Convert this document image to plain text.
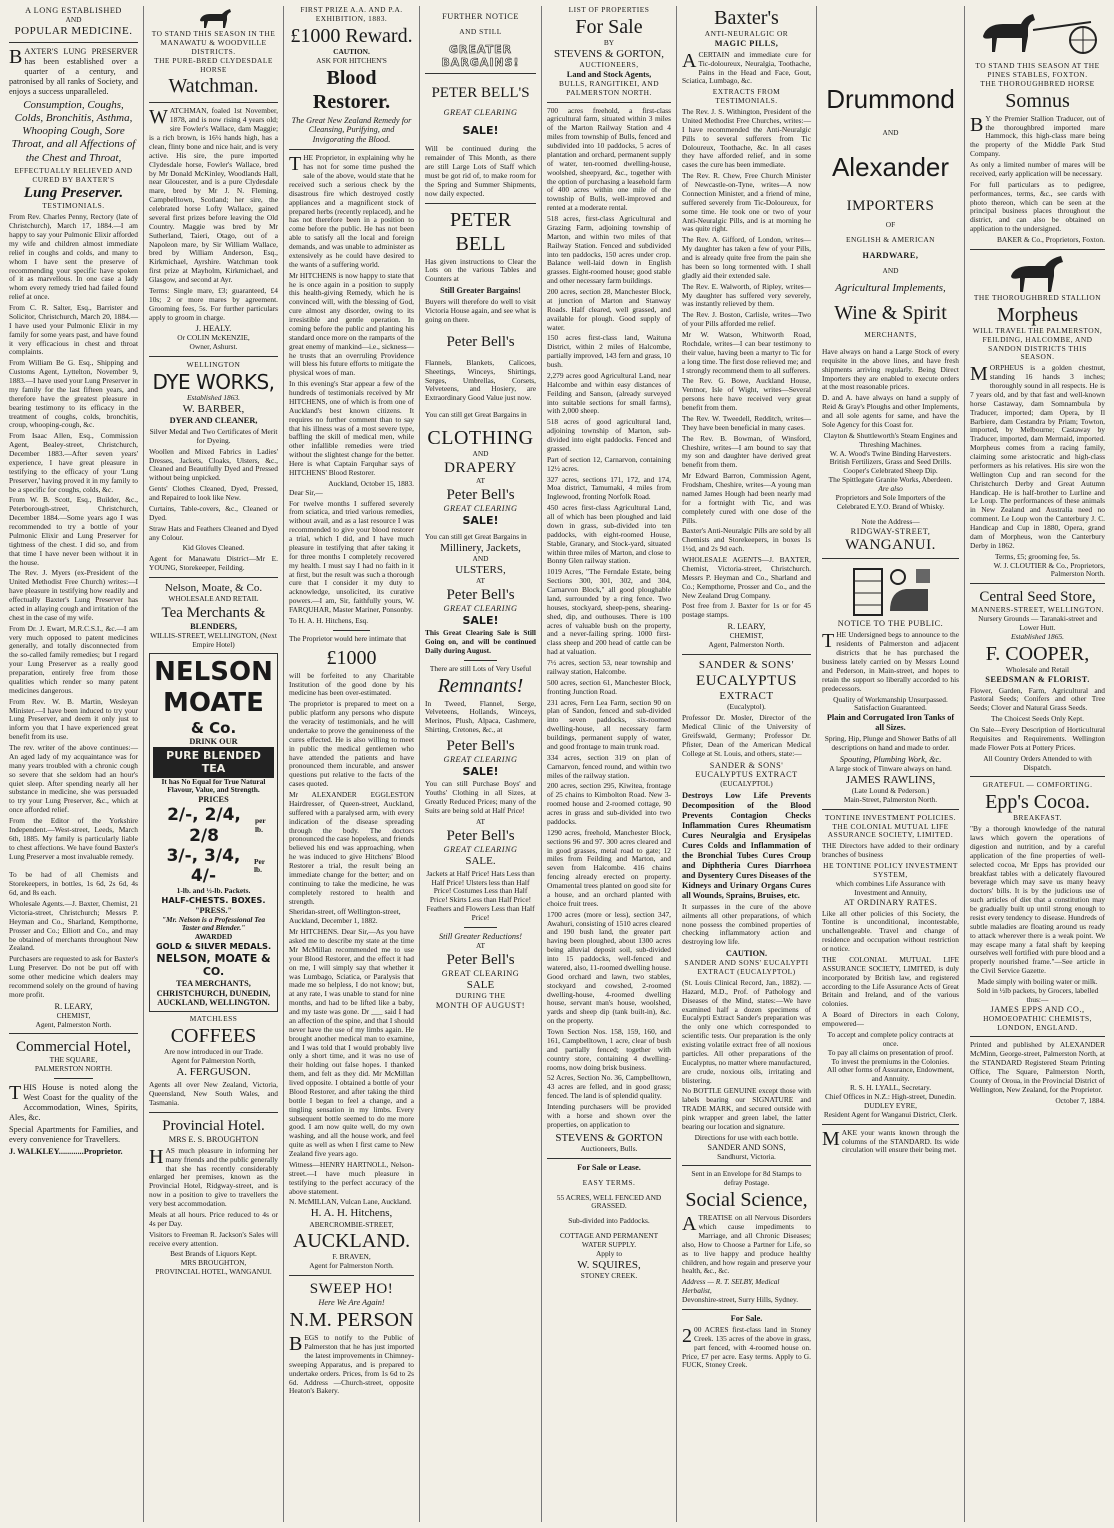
A LONG ESTABLISHED
AND
POPULAR MEDICINE.

BAXTER'S LUNG PRESERVER has been established over a quarter of a century, and patronised by all ranks of Society, and enjoys a success unparalleled.

Consumption, Coughs, Colds, Bronchitis, Asthma, Whooping Cough, Sore Throat, and all Affections of the Chest and Throat,

EFFECTUALLY RELIEVED AND CURED BY BAXTER'S
Lung Preserver.
TESTIMONIALS.

From Rev. Charles Penny, Rectory (late of Christchurch), March 17, 1884.—I am happy to say your Pulmonic Elixir afforded my wife and children almost immediate relief in coughs and colds, and many to whom I have sent the preserve of recommending your specific have spoken of it as marvellous. In one case a lady whom every remedy tried had failed found relief at once.

From C. R. Salter, Esq., Barrister and Solicitor, Christchurch, March 20, 1884.—I have used your Pulmonic Elixir in my family for some years past, and have found it very efficacious in chest and throat complaints.

From William Be G. Esq., Shipping and Customs Agent, Lyttelton, November 9, 1883.—I have used your Lung Preserver in my family for the last fifteen years, and therefore have the greatest pleasure in bearing testimony to its efficacy in the treatment of coughs, colds, bronchitis, croup, whooping-cough, &c.

From Isaac Allen, Esq., Commission Agent, Bealey-street, Christchurch, December 1883.—After seven years' experience, I have great pleasure in testifying to the efficacy of your 'Lung Preserver,' having proved it in my family to be a specific for coughs, colds, &c.

From W. B. Scott, Esq., Builder, &c., Peterborough-street, Christchurch, December 1884.—Some years ago I was recommended to try a bottle of your Pulmonic Elixir and Lung Preserver for tightness of the chest. I did so, and from that time I have never been without it in the house.

The Rev. J. Myers (ex-President of the United Methodist Free Church) writes:—I have pleasure in testifying how readily and effectually Baxter's Lung Preserver has acted in allaying cough and irritation of the chest in the case of my wife.

From Dr. J. Ewart, M.R.C.S.I., &c.—I am very much opposed to patent medicines generally, and totally disconnected from the so-called family remedies; but I regard your Lung Preserver as a really good preparation, entirely free from those qualities which render so many patent medicines dangerous.

From Rev. W. B. Martin, Wesleyan Minister.—I have been induced to try your Lung Preserver, and deem it only just to inform you that I have experienced great benefit from its use.

The rev. writer of the above continues:—An aged lady of my acquaintance was for many years troubled with a chronic cough so severe that she seldom had an hour's quiet sleep. After spending nearly all her substance in medicine, she was persuaded to try your Lung Preserver, &c., which at once afforded relief.

From the Editor of the Yorkshire Independent.—West-street, Leeds, March 6th, 1885. My family is particularly liable to chest affections. We have found Baxter's Lung Preserver a most invaluable remedy.

To be had of all Chemists and Storekeepers, in bottles, 1s 6d, 2s 6d, 4s 6d, and 8s each.

Wholesale Agents.—J. Baxter, Chemist, 21 Victoria-street, Christchurch; Messrs P. Heyman and Co., Sharland, Kempthorne, Prosser and Co.; Elliott and Co., and may be obtained of merchants throughout New Zealand.

Purchasers are requested to ask for Baxter's Lung Preserver. Do not be put off with some other medicine which dealers may recommend solely on the ground of having more profit.

R. LEARY,
CHEMIST,
Agent, Palmerston North.
Commercial Hotel,
THE SQUARE,
PALMERSTON NORTH.

THIS House is noted along the West Coast for the quality of the Accommodation, Wines, Spirits, Ales, &c.

Special Apartments for Families, and every convenience for Travellers.

J. WALKLEY............Proprietor.
TO STAND THIS SEASON IN THE MANAWATU & WOODVILLE DISTRICTS.
THE PURE-BRED CLYDESDALE HORSE
Watchman.

WATCHMAN, foaled 1st November, 1878, and is now rising 4 years old; sire Fowler's Wallace, dam Maggie; is a rich brown, is 16¼ hands high, has a clean, flinty bone and nice hair, and is very active. His sire, the pure imported Clydesdale horse, Fowler's Wallace, bred by Mr Donald McKinley, Woodlands Hall, near Gloucester, and is a pure Clydesdale mare, bred by Mr J. N. Fleming, Campbelltown, Scotland; her sire, the celebrated horse Lofty Wallace, gained several first prizes before leaving the Old Country. Maggie was bred by Mr Sutherland, Taieri, Otago, out of a Napoleon mare, by Sir William Wallace, bred by William Anderson, Esq., Kirkmichael, Ayrshire. Watchman took first prize at Mayholm, Kirkmichael, and Glasgow, and second at Ayr.

Terms: Single mare, £3; guaranteed, £4 10s; 2 or more mares by agreement. Grooming fees, 5s. For further particulars apply to groom in charge.

J. HEALY.
Or COLIN McKENZIE,
Owner, Ashurst.
WELLINGTON
DYE WORKS,
Established 1863.
W. BARBER,
DYER AND CLEANER,

Silver Medal and Two Certificates of Merit for Dyeing.

Woollen and Mixed Fabrics in Ladies' Dresses, Jackets, Cloaks, Ulsters, &c., Cleaned and Beautifully Dyed and Pressed without being unpicked.

Gents' Clothes Cleaned, Dyed, Pressed, and Repaired to look like New.

Curtains, Table-covers, &c., Cleaned or Dyed.

Straw Hats and Feathers Cleaned and Dyed any Colour.

Kid Gloves Cleaned.

Agent for Manawatu District—Mr E. YOUNG, Storekeeper, Feilding.

Nelson, Moate, & Co.
WHOLESALE AND RETAIL
Tea Merchants &
BLENDERS,
WILLIS-STREET, WELLINGTON, (Next Empire Hotel)
NELSON
MOATE
& Co.
DRINK OUR
PURE BLENDED TEA
It has No Equal for True Natural Flavour, Value, and Strength.
PRICES
2/-, 2/4, 2/8
per lb.
3/-, 3/4, 4/-
Per lb.
1-lb. and ½-lb. Packets.
HALF-CHESTS. BOXES.
"PRESS."
"Mr. Nelson is a Professional Tea Taster and Blender."
AWARDED
GOLD & SILVER MEDALS.
NELSON, MOATE & CO.
TEA MERCHANTS,
CHRISTCHURCH, DUNEDIN, AUCKLAND, WELLINGTON.
MATCHLESS
COFFEES
Are now introduced in our Trade.
Agent for Palmerston North,
A. FERGUSON.

Agents all over New Zealand, Victoria, Queensland, New South Wales, and Tasmania.

Provincial Hotel.
MRS E. S. BROUGHTON

HAS much pleasure in informing her many friends and the public generally that she has recently considerably enlarged her premises, known as the Provincial Hotel, Ridgway-street, and is now in a position to give to travellers the very best accommodation.

Meals at all hours. Price reduced to 4s or 4s per Day.

Visitors to Freeman R. Jackson's Sales will receive every attention.

Best Brands of Liquors Kept.
MRS BROUGHTON,
PROVINCIAL HOTEL, WANGANUI.
FIRST PRIZE A.A. AND P.A. EXHIBITION, 1883.
£1000 Reward.
CAUTION.
ASK FOR HITCHEN'S
Blood Restorer.

The Great New Zealand Remedy for Cleansing, Purifying, and Invigorating the Blood.

THE Proprietor, in explaining why he has not for some time pushed the sale of the above, would state that he received such a serious check by the disastrous fire which destroyed costly appliances and a magnificent stock of prepared herbs (recently replaced), and he has not therefore been in a position to come before the public. He has not been able to satisfy all the local and foreign demands, and was unable to administer as extensively as he could have desired to the wants of a suffering world.

Mr HITCHENS is now happy to state that he is once again in a position to supply this health-giving Remedy, which he is convinced will, with the blessing of God, cure almost any disorder, owing to its irresistible and gentle operation. In coming before the public and planting his standard once more on the ramparts of the great enemy of mankind—i.e., sickness—he trusts that an overruling Providence will bless his future efforts to mitigate the physical woes of man.

In this evening's Star appear a few of the hundreds of testimonials received by Mr HITCHENS, one of which is from one of Auckland's best known citizens. It requires no further comment than to say that his illness was of a most severe type, baffling the skill of medical men, while other infallible remedies were tried without the slightest change for the better. Here is what Captain Farquhar says of HITCHENS' Blood Restorer.

Auckland, October 15, 1883.
Dear Sir,—

For twelve months I suffered severely from sciatica, and tried various remedies, without avail, and as a last resource I was recommended to give your blood restorer a trial, which I did, and I have much pleasure in testifying that after taking it for three months I completely recovered my health. I must say I had no faith in it at first, but the result was such a thorough cure that I consider it my duty to acknowledge, unsolicited, its curative powers.—I am, Sir, faithfully yours, W. FARQUHAR, Master Mariner, Ponsonby.

To H. A. H. Hitchens, Esq.

The Proprietor would here intimate that

£1000

will be forfeited to any Charitable Institution of the good done by his medicine has been over-estimated.

The proprietor is prepared to meet on a public platform any persons who dispute the veracity of testimonials, and he will undertake to prove the genuineness of the cures effected. He is also willing to meet in public the medical gentlemen who have attended the patients and have pronounced them incurable, and answer questions put relative to the facts of the cases quoted.

Mr ALEXANDER EGGLESTON Hairdresser, of Queen-street, Auckland, suffered with a paralysed arm, with every indication of the disease spreading through the body. The doctors pronounced the case hopeless, and friends believed his end was approaching, when he was induced to give Hitchens' Blood Restorer a trial, the result being an immediate change for the better; and on continuing to take the medicine, he was completely restored to health and strength.

Sheridan-street, off Wellington-street, Auckland, December 1, 1882.

Mr HITCHENS. Dear Sir,—As you have asked me to describe my state at the time Mr McMillan recommended me to use your Blood Restorer, and the effect it had on me, I will simply say that whether it was Lumbago, Sciatica, or Paralysis that made me so helpless, I do not know; but, at any rate, I was unable to stand for nine months, and had to be lifted like a baby, and my taste was gone. Dr ___ said I had an affection of the spine, and that I should never have the use of my limbs again. He brought another medical man to examine, and I was told that I would probably live only a short time, and it was no use of their holding out false hopes. I thanked them, and felt as they did. Mr McMillan lived opposite. I obtained a bottle of your Blood Restorer, and after taking the third bottle I began to feel a change, and a tingling sensation in my limbs. Every subsequent bottle seemed to do me more good. I am now quite well, do my own washing, and all the house work, and feel quite as well as when I first came to New Zealand five years ago.

Witness—HENRY HARTNOLL, Nelson-street.—I have much pleasure in testifying to the perfect accuracy of the above statement.

N. McMILLAN, Vulcan Lane, Auckland.
H. A. H. Hitchens,
ABERCROMBIE-STREET,
AUCKLAND.
F. BRAVEN,
Agent for Palmerston North.
SWEEP HO!
Here We Are Again!
N.M. PERSON

BEGS to notify to the Public of Palmerston that he has just imported the latest improvements in Chimney-sweeping Apparatus, and is prepared to undertake orders. Prices, from 1s 6d to 2s 6d. Address —Church-street, opposite Heaton's Bakery.

FURTHER NOTICE
AND STILL
GREATER BARGAINS!
PETER BELL'S
GREAT CLEARING
SALE!

Will be continued during the remainder of This Month, as there are still Large Lots of Staff which must be got rid of, to make room for the Spring and Summer Shipments, now daily expected.

PETER BELL

Has given instructions to Clear the Lots on the various Tables and Counters at

Still Greater Bargains!

Buyers will therefore do well to visit Victoria House again, and see what is going on there.

Peter Bell's

Flannels, Blankets, Calicoes, Sheetings, Winceys, Shirtings, Serges, Umbrellas, Corsets, Velveteens, and Hosiery, are Extraordinary Good Value just now.

You can still get Great Bargains in
CLOTHING
AND
DRAPERY
AT
Peter Bell's
GREAT CLEARING
SALE!
You can still get Great Bargains in
Millinery, Jackets,
AND
ULSTERS,
AT
Peter Bell's
GREAT CLEARING
SALE!

This Great Clearing Sale is Still Going on, and will be continued Daily during August.

There are still Lots of Very Useful
Remnants!

In Tweed, Flannel, Serge, Velveteens, Hollands, Winceys, Merinos, Plush, Alpaca, Cashmere, Shirting, Cretones, &c., at

Peter Bell's
GREAT CLEARING
SALE!

You can still Purchase Boys' and Youths' Clothing in all Sizes, at Greatly Reduced Prices; many of the Suits are being sold at Half Price!

AT
Peter Bell's
GREAT CLEARING
SALE.

Jackets at Half Price! Hats Less than Half Price! Ulsters less than Half Price! Costumes Less than Half Price! Skirts Less than Half Price! Feathers and Flowers Less than Half Price!

Still Greater Reductions!
AT
Peter Bell's
GREAT CLEARING
SALE
DURING THE
MONTH OF AUGUST!
LIST OF PROPERTIES
For Sale
BY
STEVENS & GORTON,
AUCTIONEERS,
Land and Stock Agents,
BULLS, RANGITIKEI, AND PALMERSTON NORTH.

700 acres freehold, a first-class agricultural farm, situated within 3 miles of the Marton Railway Station and 4 miles from township of Bulls, fenced and subdivided into 10 paddocks, 5 acres of plantation and orchard, permanent supply of water, ten-roomed dwelling-house, woolshed, sheepyard, &c., together with the option of purchasing a leasehold farm of 400 acres within one mile of the township of Bulls, well-improved and rented at a moderate rental.

518 acres, first-class Agricultural and Grazing Farm, adjoining township of Marton, and within two miles of that Railway Station. Fenced and subdivided into ten paddocks, 150 acres under crop. Balance well-laid down in English grasses. Eight-roomed house; good stable and other necessary farm buildings.

200 acres, section 28, Manchester Block, at junction of Marton and Stanway Roads. Half cleared, well grassed, and available for plough. Good supply of water.

150 acres first-class land, Waituna District, within 2 miles of Halcombe, partially improved, 143 fern and grass, 10 bush.

2,279 acres good Agricultural Land, near Halcombe and within easy distances of Feilding and Sanson, (already surveyed into suitable sections for small farms), with 2,000 sheep.

518 acres of good agricultural land, adjoining township of Marton, sub-divided into eight paddocks. Fenced and grassed.

Part of section 12, Carnarvon, containing 12½ acres.

327 acres, sections 171, 172, and 174, Moa district, Tamumaki, 4 miles from Inglewood, fronting Norfolk Road.

450 acres first-class Agricultural Land, all of which has been ploughed and laid down in grass, sub-divided into ten paddocks, with eight-roomed House, Stable, Granary, and Stock-yard, situated within three miles of Marton, and close to Bonny Glen railway station.

1019 Acres, "The Ferndale Estate, being Sections 300, 301, 302, and 304, Carnarvon Block," all good ploughable land, surrounded by a ring fence. Two houses, stockyard, sheep-pens, shearing-shed, dip, and outhouses. There is 100 acres of valuable bush on the property, and a never-failing spring. 1000 first-class sheep and 200 head of cattle can be had at valuation.

7½ acres, section 53, near township and railway station, Halcombe.

500 acres, section 61, Manchester Block, fronting Junction Road.

231 acres, Fern Lea Farm, section 90 on plan of Sandon, fenced and sub-divided into seven paddocks, six-roomed dwelling-house, all necessary farm buildings, permanent supply of water, and good frontage to main trunk road.

334 acres, section 319 on plan of Carnarvon, fenced round, and within two miles of the railway station.

200 acres, section 295, Kiwitea, frontage of 25 chains to Kimbolton Road. New 3-roomed house and 2-roomed cottage, 90 acres in grass and sub-divided into two paddocks.

1290 acres, freehold, Manchester Block, sections 96 and 97. 300 acres cleared and in good grasses, metal road to gate; 12 miles from Feilding and Marton, and seven from Halcombe. 416 chains fencing already erected on property. Ornamental trees planted on good site for a house, and an orchard planted with choice fruit trees.

1700 acres (more or less), section 347, Awahuri, consisting of 1510 acres cleared and 190 bush land, the greater part having been ploughed, about 1300 acres being alluvial deposit soil, sub-divided into 15 paddocks, well-fenced and watered, also, 11-roomed dwelling house. Good orchard and lawn, two stables, stockyard and cowshed, 2-roomed dwelling-house, 4-roomed dwelling house, servant man's house, woolshed, yards and sheep dip (tank built-in), &c. on the property.

Town Section Nos. 158, 159, 160, and 161, Campbelltown, 1 acre, clear of bush and partially fenced; together with country store, containing 4 dwelling-rooms, now doing brisk business.

52 Acres, Section No. 36, Campbelltown, 43 acres are felled, and in good grass; fenced. The land is of splendid quality.

Intending purchasers will be provided with a horse and shown over the properties, on application to

STEVENS & GORTON
Auctioneers, Bulls.
For Sale or Lease.
EASY TERMS.
55 ACRES, WELL FENCED AND GRASSED.
Sub-divided into Paddocks.
COTTAGE AND PERMANENT WATER SUPPLY.
Apply to
W. SQUIRES,
STONEY CREEK.
Baxter's
ANTI-NEURALGIC OR
MAGIC PILLS,

ACERTAIN and immediate cure for Tic-doloureux, Neuralgia, Toothache, Pains in the Head and Face, Gout, Sciatica, Lumbago, &c.

EXTRACTS FROM TESTIMONIALS.

The Rev. J. S. Withington, President of the United Methodist Free Churches, writes:—I have recommended the Anti-Neuralgic Pills to several sufferers from Tic Doloureux, Toothache, &c. In all cases they have afforded relief, and in some cases the cure has been immediate.

The Rev. R. Chew, Free Church Minister of Newcastle-on-Tyne, writes—A now Connection Minister, and a friend of mine, suffered severely from Tic-Doloureux, for some time. He took one or two of your Anti-Neuralgic Pills, and is at morning he was quite right.

The Rev. A. Gifford, of London, writes—My daughter has taken a few of your Pills, and is already quite free from the pain she has been so long tormented with. I shall gladly aid their extended sale.

The Rev. E. Walworth, of Ripley, writes—My daughter has suffered very severely, was instantly relieved by them.

The Rev. J. Boston, Carlisle, writes—Two of your Pills afforded me relief.

Mr W. Watson, Whitworth Road, Rochdale, writes—I can bear testimony to their value, having been a martyr to Tic for a long time. The first dose relieved me; and I strongly recommend them to all sufferers.

The Rev. G. Bowe, Auckland House, Ventnor, Isle of Wight, writes—Several persons here have received very great benefit from them.

The Rev. W. Tweedell, Redditch, writes—They have been beneficial in many cases.

The Rev. B. Bowman, of Winsford, Cheshire, writes—I am bound to say that my son and daughter have derived great benefit from them.

Mr Edward Barron, Commission Agent, Frodsham, Cheshire, writes—A young man named James Hough had been nearly mad for a fortnight with Tic, and was completely cured with one dose of the Pills.

Baxter's Anti-Neuralgic Pills are sold by all Chemists and Storekeepers, in boxes 1s 1½d, and 2s 9d each.

WHOLESALE AGENTS—J. BAXTER, Chemist, Victoria-street, Christchurch. Messrs P. Heyman and Co., Sharland and Co.; Kempthorne, Prosser and Co., and the New Zealand Drug Company.

Post free from J. Baxter for 1s or for 45 postage stamps.

R. LEARY,
CHEMIST,
Agent, Palmerston North.
SANDER & SONS'
EUCALYPTUS
EXTRACT
(Eucalyptol).

Professor Dr. Mosler, Director of the Medical Clinic of the University of Greifswald, Germany; Professor Dr. Pfister, Dean of the American Medical College at St. Louis, and others, state:—

SANDER & SONS'
EUCALYPTUS EXTRACT
(EUCALYPTOL)

Destroys Low Life Prevents Decomposition of the Blood Prevents Contagion Checks Inflammation Cures Rheumatism Cures Neuralgia and Erysipelas Cures Colds and Inflammation of the Bronchial Tubes Cures Croup and Diphtheria Cures Diarrhoea and Dysentery Cures Diseases of the Kidneys and Urinary Organs Cures all Wounds, Sprains, Bruises, etc.

It surpasses in the cure of the above ailments all other preparations, of which none possess the combined properties of checking inflammatory action and destroying low life.

CAUTION.
SANDER AND SONS' EUCALYPTI EXTRACT (EUCALYPTOL)

(St. Louis Clinical Record, Jan., 1882). —Hazard, M.D., Prof. of Pathology and Diseases of the Mind, states:—We have examined half a dozen specimens of Eucalypti Extract Sander's preparation was the only one which corresponded to scientific tests. Our preparation is the only existing volatile extract free of all noxious particles. All other preparations of the Eucalyptus, no matter where manufactured, are crude, noxious oils, irritating and blistering.

No BOTTLE GENUINE except those with labels bearing our SIGNATURE and TRADE MARK, and secured outside with pink wrapper and green label, the latter bearing our location and signature.

Directions for use with each bottle.
SANDER AND SONS,
Sandhurst, Victoria.
Sent in an Envelope for 8d Stamps to defray Postage.
Social Science,

ATREATISE on all Nervous Disorders which cause impediments to Marriage, and all Chronic Diseases; also, How to Choose a Partner for Life, so as to live happy and produce healthy children, and how regain and preserve your health, &c., &c.

Address — R. T. SELBY, Medical Herbalist,
Devonshire-street, Surry Hills, Sydney.
For Sale.

200 ACRES first-class land in Stoney Creek. 135 acres of the above in grass, part fenced, with 4-roomed house on. Price, £7 per acre. Easy terms. Apply to G. FUCK, Stoney Creek.

Drummond
AND
Alexander
IMPORTERS
OF
ENGLISH & AMERICAN
HARDWARE,
AND
Agricultural Implements,
Wine & Spirit
MERCHANTS,

Have always on hand a Large Stock of every requisite in the above lines, and have fresh shipments arriving regularly. Being Direct Importers they are enabled to execute orders at the most reasonable prices.

D. and A. have always on hand a supply of Reid & Gray's Ploughs and other Implements, and all sole agents for same, and have the Sole Agency for this Coast for.

Clayton & Shuttleworth's Steam Engines and Threshing Machines.
W. A. Wood's Twine Binding Harvesters.
British Fertilizers, Grass and Seed Drills.
Cooper's Celebrated Sheep Dip.
The Spittlegate Granite Works, Aberdeen.
Are also
Proprietors and Sole Importers of the Celebrated E.Y.O. Brand of Whisky.
Note the Address—
RIDGWAY-STREET,
WANGANUI.
NOTICE TO THE PUBLIC.

THE Undersigned begs to announce to the residents of Palmerston and adjacent districts that he has purchased the business lately carried on by Messrs Lound and Pederson, in Main-street, and hopes to retain the support so liberally accorded to his predecessors.

Quality of Workmanship Unsurpassed.
Satisfaction Guaranteed.
Plain and Corrugated Iron Tanks of all Sizes.

Spring, Hip, Plunge and Shower Baths of all descriptions on hand and made to order.

Spouting, Plumbing Work, &c.
A large stock of Tinware always on hand.
JAMES RAWLINS,
(Late Lound & Pederson.)
Main-Street, Palmerston North.
TONTINE INVESTMENT POLICIES.
THE COLONIAL MUTUAL LIFE ASSURANCE SOCIETY, LIMITED.

THE Directors have added to their ordinary branches of business

HE TONTINE POLICY INVESTMENT SYSTEM,
which combines Life Assurance with Investment and Annuity,
AT ORDINARY RATES.

Like all other policies of this Society, the Tontine is unconditional, incontestable, unchallengeable. Travel and change of residence and occupation without restriction or notice.

THE COLONIAL MUTUAL LIFE ASSURANCE SOCIETY, LIMITED, is duly incorporated by British law, and registered according to the Life Assurance Acts of Great Britain and Ireland, and of the various colonies.

A Board of Directors in each Colony, empowered—

To accept and complete policy contracts at once.
To pay all claims on presentation of proof.
To invest the premiums in the Colonies.
All other forms of Assurance, Endowment, and Annuity.
R. S. H. LYALL, Secretary.
Chief Offices in N.Z.: High-street, Dunedin.
DUDLEY EYRE,
Resident Agent for Wanganui District, Clerk.

MAKE your wants known through the columns of the STANDARD. Its wide circulation will ensure their being met.

TO STAND THIS SEASON AT THE PINES STABLES, FOXTON.
THE THOROUGHBRED HORSE
Somnus

BY the Premier Stallion Traducer, out of the thoroughbred imported mare Hammock, this high-class mare being the property of the Middle Park Stud Company.

As only a limited number of mares will be received, early application will be necessary.

For full particulars as to pedigree, performances, terms, &c., see cards with photo thereon, which can be seen at the principal business places throughout the district, and can also be obtained on application to the undersigned.

BAKER & Co., Proprietors, Foxton.
THE THOROUGHBRED STALLION
Morpheus
WILL TRAVEL THE PALMERSTON, FEILDING, HALCOMBE, AND SANDON DISTRICTS THIS SEASON.

MORPHEUS is a golden chestnut, standing 16 hands 3 inches; thoroughly sound in all respects. He is 7 years old, and by that fast and well-known horse Castaway, dam Somnambula by Traducer, imported; dam Opera, by Il Barbiere, dam Cestandra by Priam; Towton, imported, by Melbourne; Castaway by Traducer, imported, dam Mermaid, imported. Morpheus comes from a racing family, claiming some aristocratic and high-class performers as his relatives. His sire won the Wellington Cup and ran second for the Christchurch Derby and Great Autumn Handicap. He is half-brother to Lurline and Le Loup. The performances of these animals in New Zealand and Australia need no comment. Le Loup won the Canterbury J. C. Handicap and Cup in 1880, Opera, grand dam of Morpheus, won the Canterbury Derby in 1862.

Terms, £5; grooming fee, 5s.
W. J. CLOUTIER & Co., Proprietors, Palmerston North.
Central Seed Store,
MANNERS-STREET, WELLINGTON.
Nursery Grounds — Taranaki-street and Lower Hutt.
Established 1865.
F. COOPER,
Wholesale and Retail
SEEDSMAN & FLORIST.

Flower, Garden, Farm, Agricultural and Pastoral Seeds; Conifers and other Tree Seeds; Clover and Natural Grass Seeds.

The Choicest Seeds Only Kept.

On Sale—Every Description of Horticultural Requisites and Requirements. Wellington made Flower Pots at Pottery Prices.

All Country Orders Attended to with Dispatch.
GRATEFUL — COMFORTING.
Epp's Cocoa.
BREAKFAST.

"By a thorough knowledge of the natural laws which govern the operations of digestion and nutrition, and by a careful application of the fine properties of well-selected cocoa, Mr Epps has provided our breakfast tables with a delicately flavoured beverage which may save us many heavy doctors' bills. It is by the judicious use of such articles of diet that a constitution may be gradually built up until strong enough to resist every tendency to disease. Hundreds of subtle maladies are floating around us ready to attack wherever there is a weak point. We may escape many a fatal shaft by keeping ourselves well fortified with pure blood and a properly nourished frame."—See article in the Civil Service Gazette.

Made simply with boiling water or milk.
Sold in ½lb packets, by Grocers, labelled thus:—
JAMES EPPS AND CO.,
HOMOEOPATHIC CHEMISTS,
LONDON, ENGLAND.

Printed and published by ALEXANDER McMinn, George-street, Palmerston North, at the STANDARD Registered Steam Printing Office, The Square, Palmerston North, County of Oroua, in the Provincial District of Wellington, New Zealand, for the Proprietor.

October 7, 1884.
